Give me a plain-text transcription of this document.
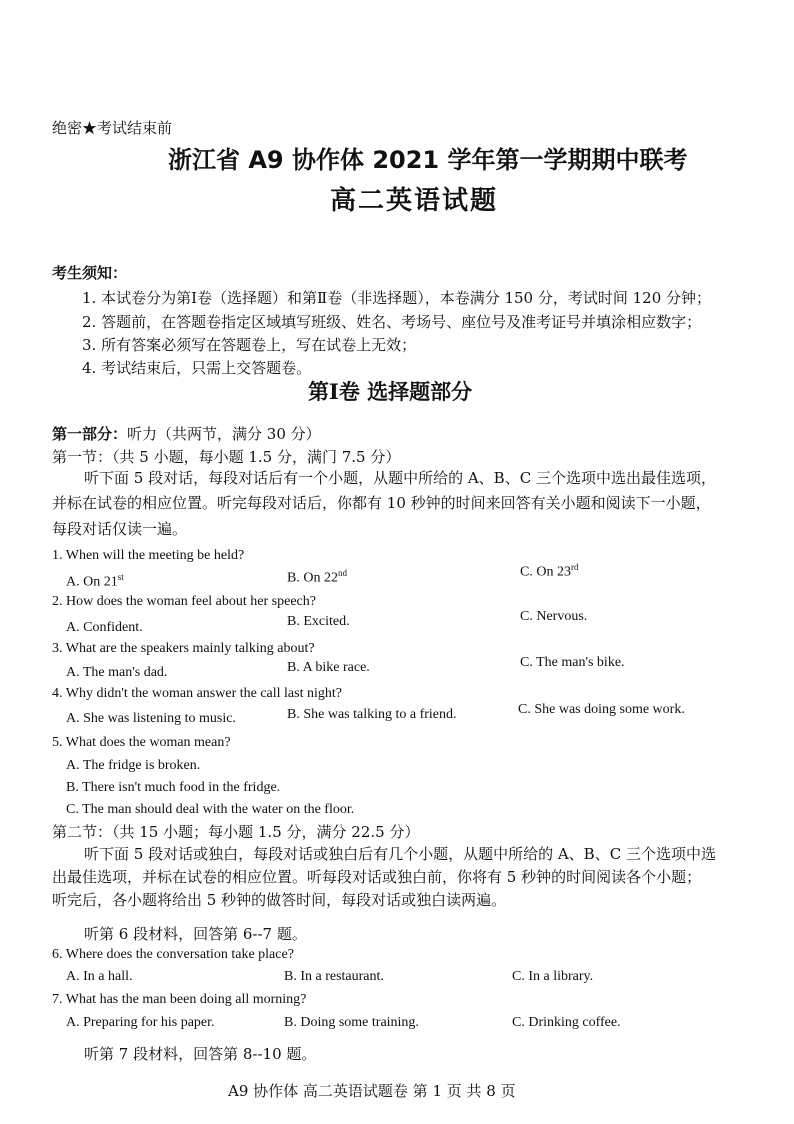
绝密★考试结束前
浙江省 A9 协作体 2021 学年第一学期期中联考
高二英语试题
考生须知：
1. 本试卷分为第Ⅰ卷（选择题）和第Ⅱ卷（非选择题），本卷满分 150 分，考试时间 120 分钟；
2. 答题前，在答题卷指定区域填写班级、姓名、考场号、座位号及准考证号并填涂相应数字；
3. 所有答案必须写在答题卷上，写在试卷上无效；
4. 考试结束后，只需上交答题卷。
第Ⅰ卷 选择题部分
第一部分：听力（共两节，满分 30 分）
第一节：（共 5 小题，每小题 1.5 分，满门 7.5 分）
听下面 5 段对话，每段对话后有一个小题，从题中所给的 A、B、C 三个选项中选出最佳选项，
并标在试卷的相应位置。听完每段对话后，你都有 10 秒钟的时间来回答有关小题和阅读下一小题，
每段对话仅读一遍。
1. When will the meeting be held?
A. On 21st	B. On 22nd	C. On 23rd
2. How does the woman feel about her speech?
A. Confident.	B. Excited.	C. Nervous.
3. What are the speakers mainly talking about?
A. The man's dad.	B. A bike race.	C. The man's bike.
4. Why didn't the woman answer the call last night?
A. She was listening to music.	B. She was talking to a friend.	C. She was doing some work.
5. What does the woman mean?
A. The fridge is broken.
B. There isn't much food in the fridge.
C. The man should deal with the water on the floor.
第二节：（共 15 小题；每小题 1.5 分，满分 22.5 分）
听下面 5 段对话或独白，每段对话或独白后有几个小题，从题中所给的 A、B、C 三个选项中选
出最佳选项，并标在试卷的相应位置。听每段对话或独白前，你将有 5 秒钟的时间阅读各个小题；
听完后，各小题将给出 5 秒钟的做答时间，每段对话或独白读两遍。
听第 6 段材料，回答第 6--7 题。
6. Where does the conversation take place?
A. In a hall.	B. In a restaurant.	C. In a library.
7. What has the man been doing all morning?
A. Preparing for his paper.	B. Doing some training.	C. Drinking coffee.
听第 7 段材料，回答第 8--10 题。
A9 协作体 高二英语试题卷 第 1 页 共 8 页
